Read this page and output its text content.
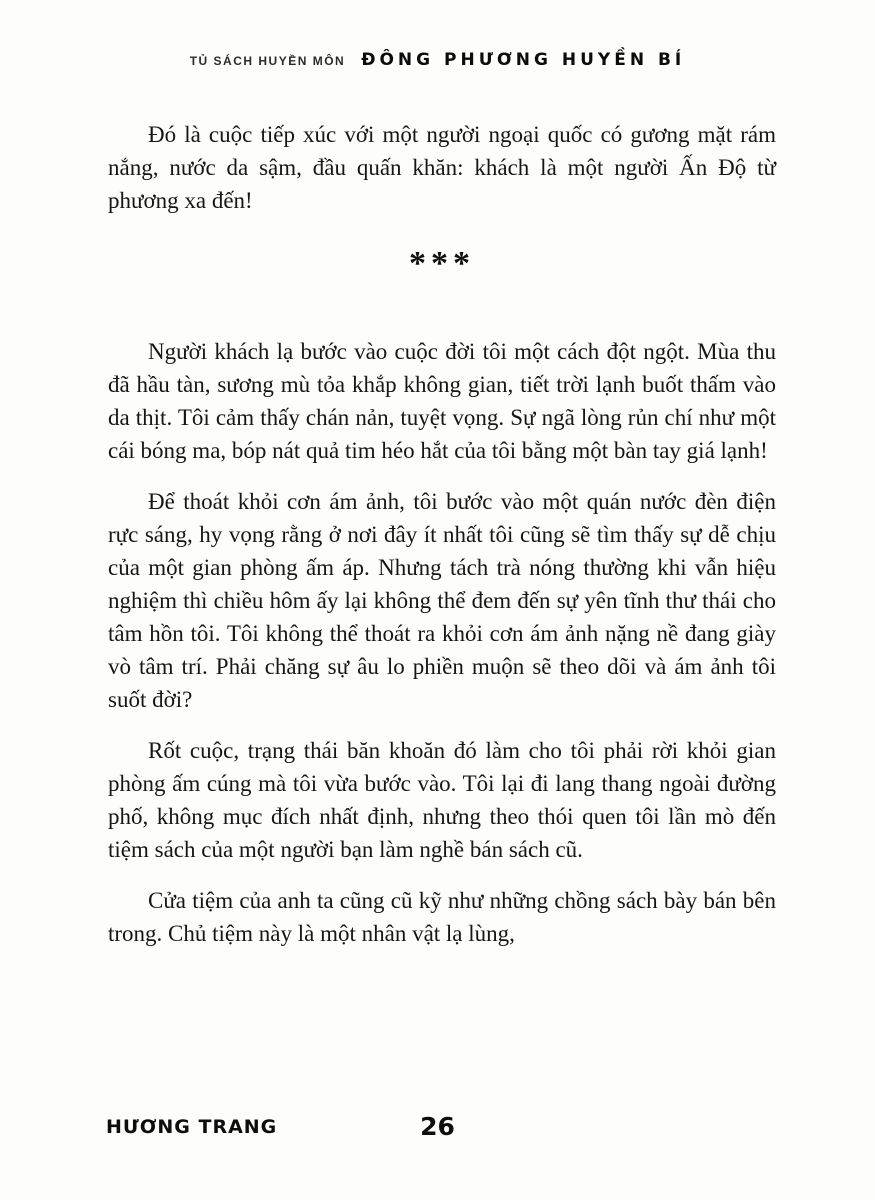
TỦ SÁCH HUYỀN MÔN ĐÔNG PHƯƠNG HUYỀN BÍ

Đó là cuộc tiếp xúc với một người ngoại quốc có gương mặt rám nắng, nước da sậm, đầu quấn khăn: khách là một người Ấn Độ từ phương xa đến!

***

Người khách lạ bước vào cuộc đời tôi một cách đột ngột. Mùa thu đã hầu tàn, sương mù tỏa khắp không gian, tiết trời lạnh buốt thấm vào da thịt. Tôi cảm thấy chán nản, tuyệt vọng. Sự ngã lòng rủn chí như một cái bóng ma, bóp nát quả tim héo hắt của tôi bằng một bàn tay giá lạnh!

Để thoát khỏi cơn ám ảnh, tôi bước vào một quán nước đèn điện rực sáng, hy vọng rằng ở nơi đây ít nhất tôi cũng sẽ tìm thấy sự dễ chịu của một gian phòng ấm áp. Nhưng tách trà nóng thường khi vẫn hiệu nghiệm thì chiều hôm ấy lại không thể đem đến sự yên tĩnh thư thái cho tâm hồn tôi. Tôi không thể thoát ra khỏi cơn ám ảnh nặng nề đang giày vò tâm trí. Phải chăng sự âu lo phiền muộn sẽ theo dõi và ám ảnh tôi suốt đời?

Rốt cuộc, trạng thái băn khoăn đó làm cho tôi phải rời khỏi gian phòng ấm cúng mà tôi vừa bước vào. Tôi lại đi lang thang ngoài đường phố, không mục đích nhất định, nhưng theo thói quen tôi lần mò đến tiệm sách của một người bạn làm nghề bán sách cũ.

Cửa tiệm của anh ta cũng cũ kỹ như những chồng sách bày bán bên trong. Chủ tiệm này là một nhân vật lạ lùng,

HƯƠNG TRANG	26
